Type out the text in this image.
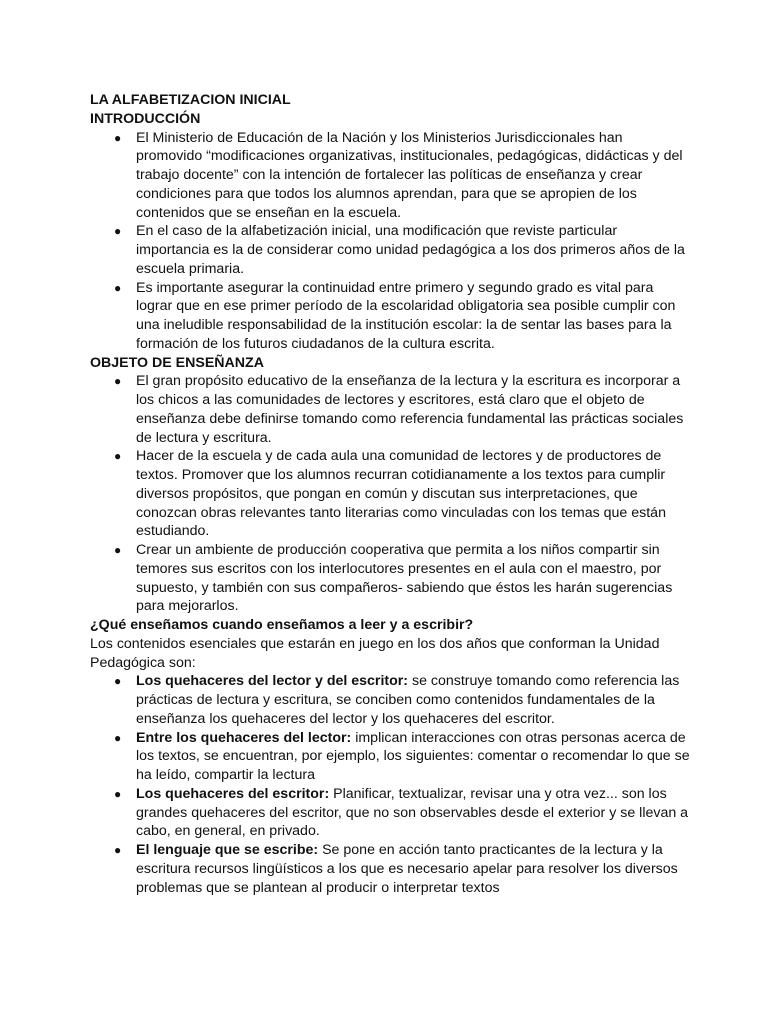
LA ALFABETIZACION INICIAL

INTRODUCCIÓN

● El Ministerio de Educación de la Nación y los Ministerios Jurisdiccionales han promovido “modificaciones organizativas, institucionales, pedagógicas, didácticas y del trabajo docente” con la intención de fortalecer las políticas de enseñanza y crear condiciones para que todos los alumnos aprendan, para que se apropien de los contenidos que se enseñan en la escuela.
● En el caso de la alfabetización inicial, una modificación que reviste particular importancia es la de considerar como unidad pedagógica a los dos primeros años de la escuela primaria.
● Es importante asegurar la continuidad entre primero y segundo grado es vital para lograr que en ese primer período de la escolaridad obligatoria sea posible cumplir con una ineludible responsabilidad de la institución escolar: la de sentar las bases para la formación de los futuros ciudadanos de la cultura escrita.

OBJETO DE ENSEÑANZA

● El gran propósito educativo de la enseñanza de la lectura y la escritura es incorporar a los chicos a las comunidades de lectores y escritores, está claro que el objeto de enseñanza debe definirse tomando como referencia fundamental las prácticas sociales de lectura y escritura.
● Hacer de la escuela y de cada aula una comunidad de lectores y de productores de textos. Promover que los alumnos recurran cotidianamente a los textos para cumplir diversos propósitos, que pongan en común y discutan sus interpretaciones, que conozcan obras relevantes tanto literarias como vinculadas con los temas que están estudiando.
● Crear un ambiente de producción cooperativa que permita a los niños compartir sin temores sus escritos con los interlocutores presentes en el aula con el maestro, por supuesto, y también con sus compañeros- sabiendo que éstos les harán sugerencias para mejorarlos.

¿Qué enseñamos cuando enseñamos a leer y a escribir?

Los contenidos esenciales que estarán en juego en los dos años que conforman la Unidad Pedagógica son:

● Los quehaceres del lector y del escritor: se construye tomando como referencia las prácticas de lectura y escritura, se conciben como contenidos fundamentales de la enseñanza los quehaceres del lector y los quehaceres del escritor.
● Entre los quehaceres del lector: implican interacciones con otras personas acerca de los textos, se encuentran, por ejemplo, los siguientes: comentar o recomendar lo que se ha leído, compartir la lectura
● Los quehaceres del escritor: Planificar, textualizar, revisar una y otra vez... son los grandes quehaceres del escritor, que no son observables desde el exterior y se llevan a cabo, en general, en privado.
● El lenguaje que se escribe: Se pone en acción tanto practicantes de la lectura y la escritura recursos lingüísticos a los que es necesario apelar para resolver los diversos problemas que se plantean al producir o interpretar textos
